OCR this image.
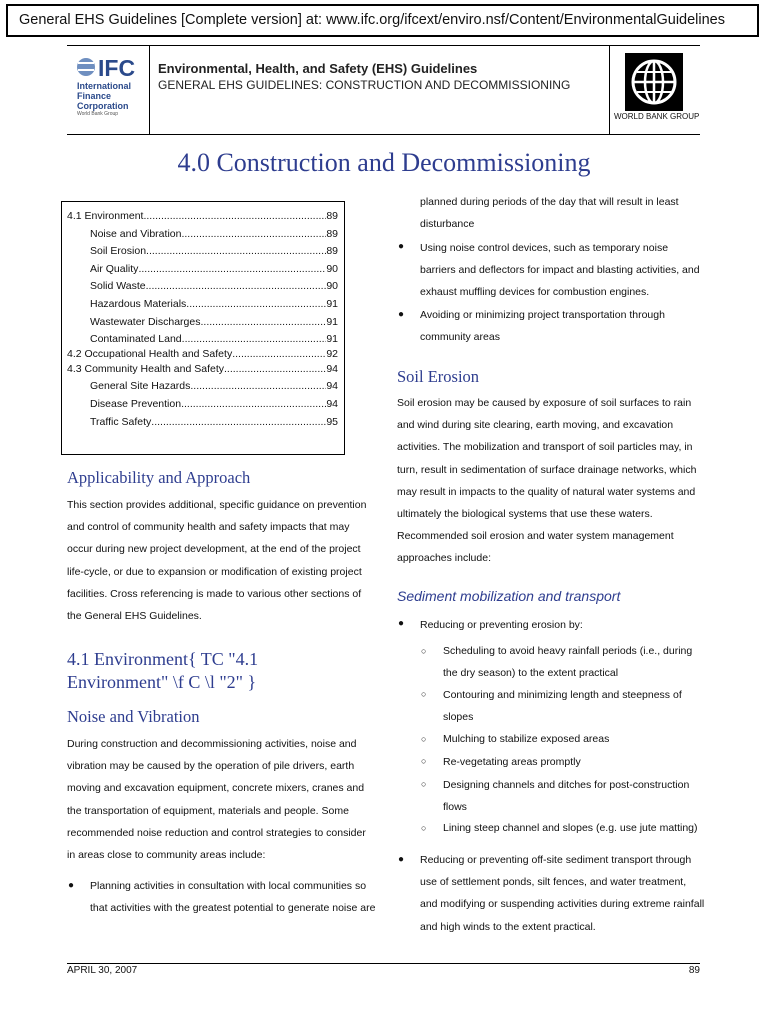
General EHS Guidelines [Complete version] at: www.ifc.org/ifcext/enviro.nsf/Content/EnvironmentalGuidelines
IFC
International
Finance
Corporation
World Bank Group
Environmental, Health, and Safety (EHS) Guidelines
GENERAL EHS GUIDELINES: CONSTRUCTION AND DECOMMISSIONING
WORLD BANK GROUP
4.0 Construction and Decommissioning
4.1 Environment .....	89
Noise and Vibration .....	89
Soil Erosion .....	89
Air Quality .....	90
Solid Waste .....	90
Hazardous Materials .....	91
Wastewater Discharges .....	91
Contaminated Land .....	91
4.2 Occupational Health and Safety .....	92
4.3 Community Health and Safety .....	94
General Site Hazards .....	94
Disease Prevention .....	94
Traffic Safety .....	95
Applicability and Approach
This section provides additional, specific guidance on prevention
and control of community health and safety impacts that may
occur during new project development, at the end of the project
life-cycle, or due to expansion or modification of existing project
facilities. Cross referencing is made to various other sections of
the General EHS Guidelines.
4.1 Environment{ TC "4.1
Environment" \f C \l "2" }
Noise and Vibration
During construction and decommissioning activities, noise and
vibration may be caused by the operation of pile drivers, earth
moving and excavation equipment, concrete mixers, cranes and
the transportation of equipment, materials and people. Some
recommended noise reduction and control strategies to consider
in areas close to community areas include:
● Planning activities in consultation with local communities so
that activities with the greatest potential to generate noise are
planned during periods of the day that will result in least
disturbance
● Using noise control devices, such as temporary noise
barriers and deflectors for impact and blasting activities, and
exhaust muffling devices for combustion engines.
● Avoiding or minimizing project transportation through
community areas
Soil Erosion
Soil erosion may be caused by exposure of soil surfaces to rain
and wind during site clearing, earth moving, and excavation
activities. The mobilization and transport of soil particles may, in
turn, result in sedimentation of surface drainage networks, which
may result in impacts to the quality of natural water systems and
ultimately the biological systems that use these waters.
Recommended soil erosion and water system management
approaches include:
Sediment mobilization and transport
● Reducing or preventing erosion by:
○ Scheduling to avoid heavy rainfall periods (i.e., during
the dry season) to the extent practical
○ Contouring and minimizing length and steepness of
slopes
○ Mulching to stabilize exposed areas
○ Re-vegetating areas promptly
○ Designing channels and ditches for post-construction
flows
○ Lining steep channel and slopes (e.g. use jute matting)
● Reducing or preventing off-site sediment transport through
use of settlement ponds, silt fences, and water treatment,
and modifying or suspending activities during extreme rainfall
and high winds to the extent practical.
APRIL 30, 2007	89
